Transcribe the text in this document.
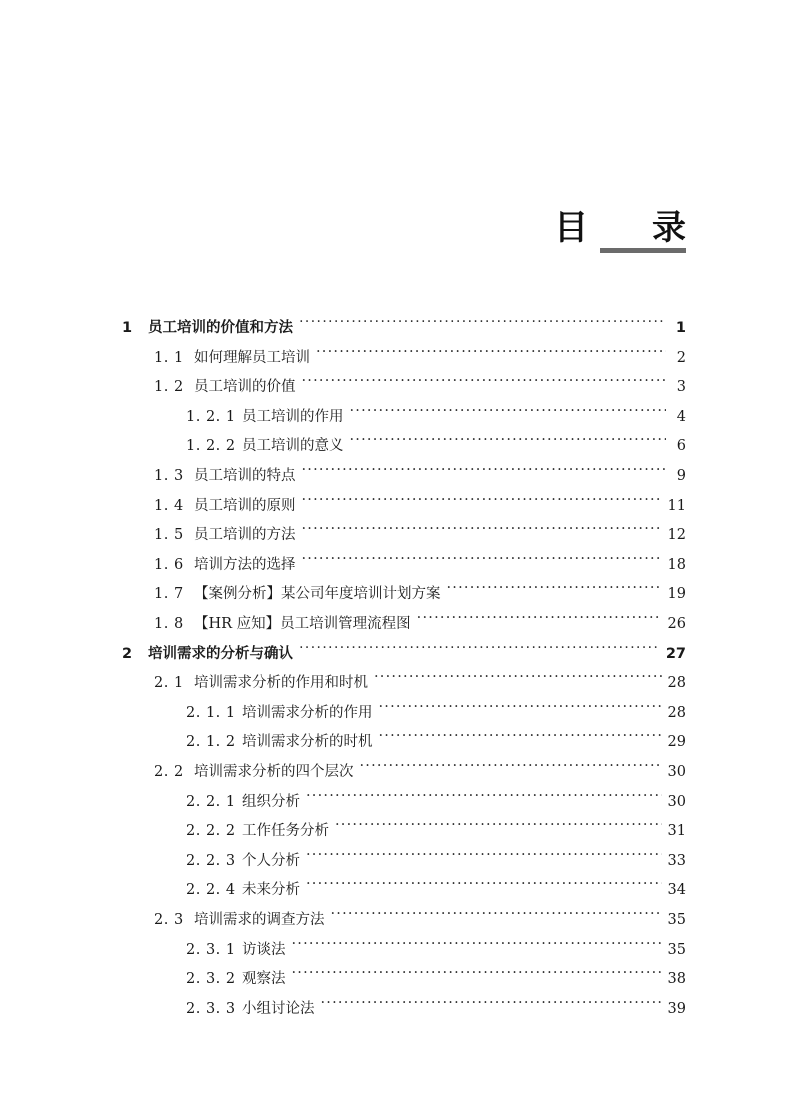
目 录
1	员工培训的价值和方法 ·····	1
1. 1 如何理解员工培训 ·····	2
1. 2 员工培训的价值 ·····	3
1. 2. 1 员工培训的作用 ·····	4
1. 2. 2 员工培训的意义 ·····	6
1. 3 员工培训的特点 ·····	9
1. 4 员工培训的原则 ·····	11
1. 5 员工培训的方法 ·····	12
1. 6 培训方法的选择 ·····	18
1. 7 【案例分析】某公司年度培训计划方案 ·····	19
1. 8 【HR 应知】员工培训管理流程图 ·····	26
2	培训需求的分析与确认 ·····	27
2. 1 培训需求分析的作用和时机 ·····	28
2. 1. 1 培训需求分析的作用 ·····	28
2. 1. 2 培训需求分析的时机 ·····	29
2. 2 培训需求分析的四个层次 ·····	30
2. 2. 1 组织分析 ·····	30
2. 2. 2 工作任务分析 ·····	31
2. 2. 3 个人分析 ·····	33
2. 2. 4 未来分析 ·····	34
2. 3 培训需求的调查方法 ·····	35
2. 3. 1 访谈法 ·····	35
2. 3. 2 观察法 ·····	38
2. 3. 3 小组讨论法 ·····	39
